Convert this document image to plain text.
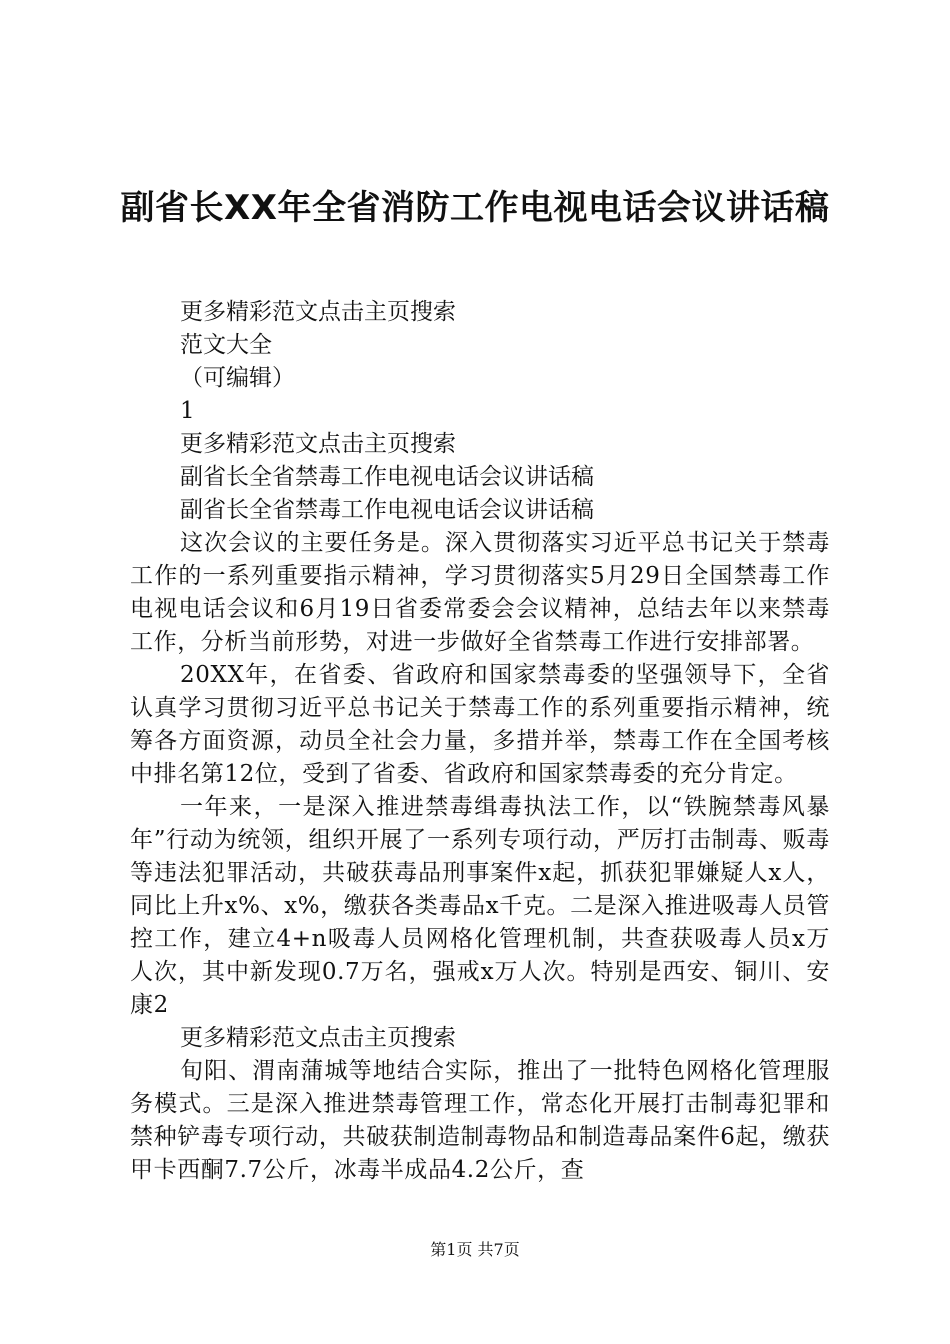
副省长XX年全省消防工作电视电话会议讲话稿

更多精彩范文点击主页搜索

范文大全

（可编辑）

1

更多精彩范文点击主页搜索

副省长全省禁毒工作电视电话会议讲话稿

副省长全省禁毒工作电视电话会议讲话稿

这次会议的主要任务是。深入贯彻落实习近平总书记关于禁毒工作的一系列重要指示精神，学习贯彻落实5月29日全国禁毒工作电视电话会议和6月19日省委常委会会议精神，总结去年以来禁毒工作，分析当前形势，对进一步做好全省禁毒工作进行安排部署。

20XX年，在省委、省政府和国家禁毒委的坚强领导下，全省认真学习贯彻习近平总书记关于禁毒工作的系列重要指示精神，统筹各方面资源，动员全社会力量，多措并举，禁毒工作在全国考核中排名第12位，受到了省委、省政府和国家禁毒委的充分肯定。

一年来，一是深入推进禁毒缉毒执法工作，以“铁腕禁毒风暴年”行动为统领，组织开展了一系列专项行动，严厉打击制毒、贩毒等违法犯罪活动，共破获毒品刑事案件x起，抓获犯罪嫌疑人x人，同比上升x%、x%，缴获各类毒品x千克。二是深入推进吸毒人员管控工作，建立4+n吸毒人员网格化管理机制，共查获吸毒人员x万人次，其中新发现0.7万名，强戒x万人次。特别是西安、铜川、安康2

更多精彩范文点击主页搜索

旬阳、渭南蒲城等地结合实际，推出了一批特色网格化管理服务模式。三是深入推进禁毒管理工作，常态化开展打击制毒犯罪和禁种铲毒专项行动，共破获制造制毒物品和制造毒品案件6起，缴获甲卡西酮7.7公斤，冰毒半成品4.2公斤，查

第1页 共7页
